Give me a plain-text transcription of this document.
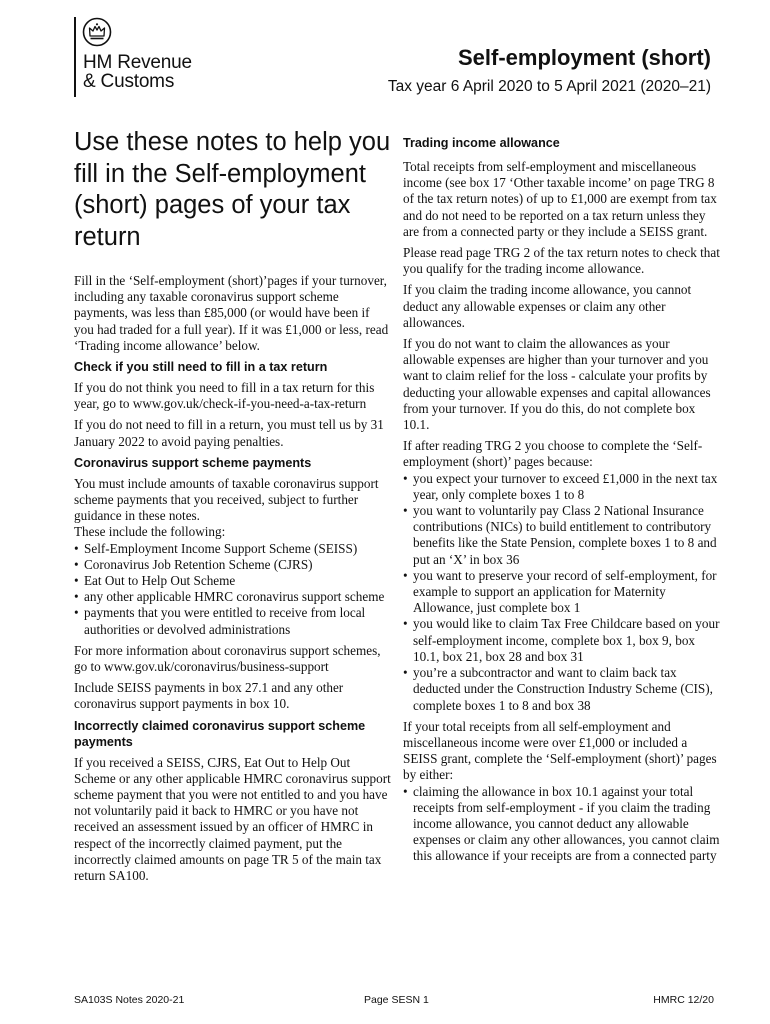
HM Revenue
& Customs
Self-employment (short)
Tax year 6 April 2020 to 5 April 2021 (2020–21)
Use these notes to help you fill in the Self-employment (short) pages of your tax return

Fill in the ‘Self-employment (short)’pages if your turnover, including any taxable coronavirus support scheme payments, was less than £85,000 (or would have been if you had traded for a full year). If it was £1,000 or less, read ‘Trading income allowance’ below.

Check if you still need to fill in a tax return

If you do not think you need to fill in a tax return for this year, go to www.gov.uk/check-if-you-need-a-tax-return

If you do not need to fill in a return, you must tell us by 31 January 2022 to avoid paying penalties.

Coronavirus support scheme payments

You must include amounts of taxable coronavirus support scheme payments that you received, subject to further guidance in these notes.

These include the following:

• Self-Employment Income Support Scheme (SEISS)
• Coronavirus Job Retention Scheme (CJRS)
• Eat Out to Help Out Scheme
• any other applicable HMRC coronavirus support scheme
• payments that you were entitled to receive from local authorities or devolved administrations

For more information about coronavirus support schemes, go to www.gov.uk/coronavirus/business-support

Include SEISS payments in box 27.1 and any other coronavirus support payments in box 10.

Incorrectly claimed coronavirus support scheme payments

If you received a SEISS, CJRS, Eat Out to Help Out Scheme or any other applicable HMRC coronavirus support scheme payment that you were not entitled to and you have not voluntarily paid it back to HMRC or you have not received an assessment issued by an officer of HMRC in respect of the incorrectly claimed payment, put the incorrectly claimed amounts on page TR 5 of the main tax return SA100.

Trading income allowance

Total receipts from self-employment and miscellaneous income (see box 17 ‘Other taxable income’ on page TRG 8 of the tax return notes) of up to £1,000 are exempt from tax and do not need to be reported on a tax return unless they are from a connected party or they include a SEISS grant.

Please read page TRG 2 of the tax return notes to check that you qualify for the trading income allowance.

If you claim the trading income allowance, you cannot deduct any allowable expenses or claim any other allowances.

If you do not want to claim the allowances as your allowable expenses are higher than your turnover and you want to claim relief for the loss - calculate your profits by deducting your allowable expenses and capital allowances from your turnover. If you do this, do not complete box 10.1.

If after reading TRG 2 you choose to complete the ‘Self-employment (short)’ pages because:

• you expect your turnover to exceed £1,000 in the next tax year, only complete boxes 1 to 8
• you want to voluntarily pay Class 2 National Insurance contributions (NICs) to build entitlement to contributory benefits like the State Pension, complete boxes 1 to 8 and put an ‘X’ in box 36
• you want to preserve your record of self-employment, for example to support an application for Maternity Allowance, just complete box 1
• you would like to claim Tax Free Childcare based on your self-employment income, complete box 1, box 9, box 10.1, box 21, box 28 and box 31
• you’re a subcontractor and want to claim back tax deducted under the Construction Industry Scheme (CIS), complete boxes 1 to 8 and box 38

If your total receipts from all self-employment and miscellaneous income were over £1,000 or included a SEISS grant, complete the ‘Self-employment (short)’ pages by either:

• claiming the allowance in box 10.1 against your total receipts from self-employment - if you claim the trading income allowance, you cannot deduct any allowable expenses or claim any other allowances, you cannot claim this allowance if your receipts are from a connected party
SA103S Notes 2020-21	Page SESN 1	HMRC 12/20
